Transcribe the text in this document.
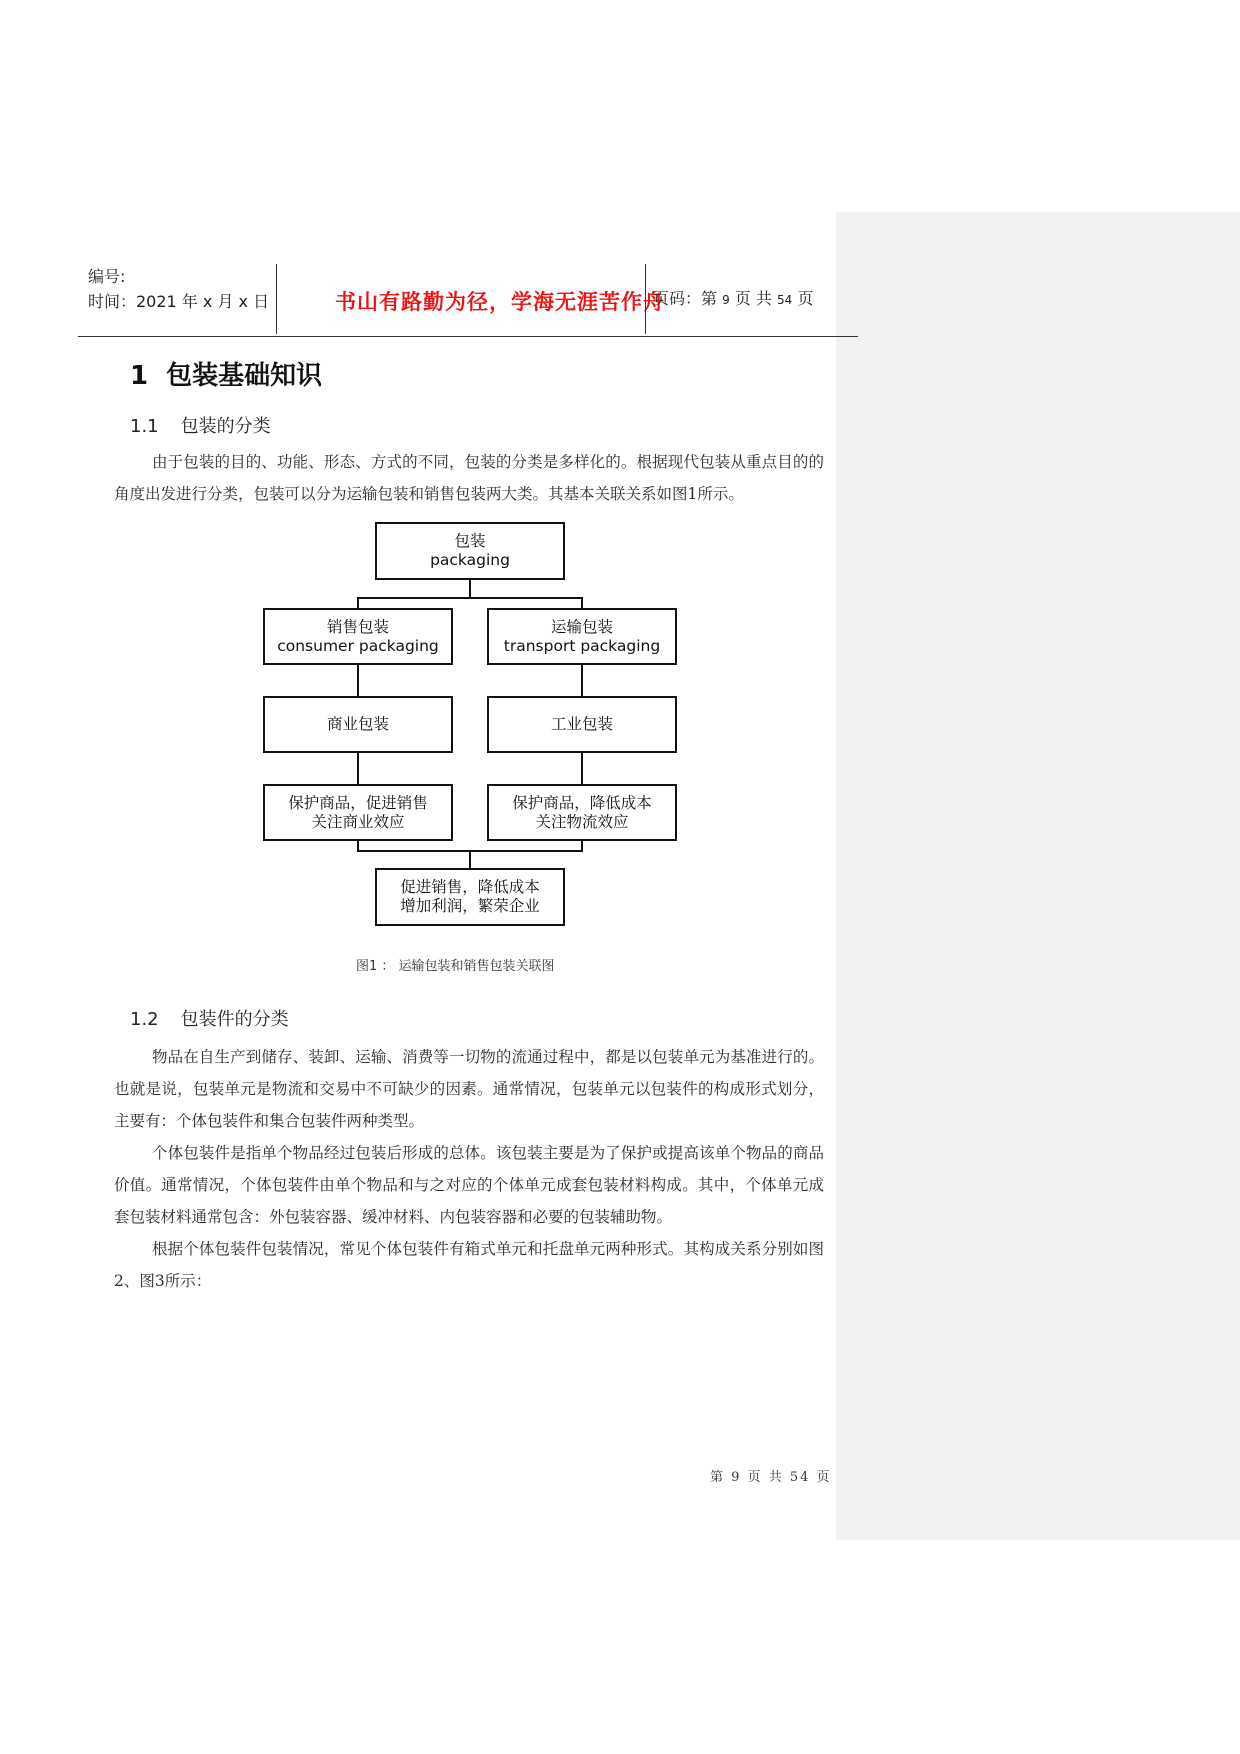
编号:
时间：2021 年 x 月 x 日	书山有路勤为径，学海无涯苦作舟
页码：第 9 页 共 54 页
1 包装基础知识
1.1 包装的分类

由于包装的目的、功能、形态、方式的不同，包装的分类是多样化的。根据现代包装从重点目的的角度出发进行分类，包装可以分为运输包装和销售包装两大类。其基本关联关系如图1所示。

包装
packaging
销售包装
consumer packaging
运输包装
transport packaging
商业包装	工业包装
保护商品，促进销售
关注商业效应
保护商品，降低成本
关注物流效应
促进销售，降低成本
增加利润，繁荣企业
图1 ： 运输包装和销售包装关联图
1.2 包装件的分类

物品在自生产到储存、装卸、运输、消费等一切物的流通过程中，都是以包装单元为基准进行的。也就是说，包装单元是物流和交易中不可缺少的因素。通常情况，包装单元以包装件的构成形式划分，主要有：个体包装件和集合包装件两种类型。

个体包装件是指单个物品经过包装后形成的总体。该包装主要是为了保护或提高该单个物品的商品价值。通常情况，个体包装件由单个物品和与之对应的个体单元成套包装材料构成。其中，个体单元成套包装材料通常包含：外包装容器、缓冲材料、内包装容器和必要的包装辅助物。

根据个体包装件包装情况，常见个体包装件有箱式单元和托盘单元两种形式。其构成关系分别如图2、图3所示：

第 9 页 共 54 页
